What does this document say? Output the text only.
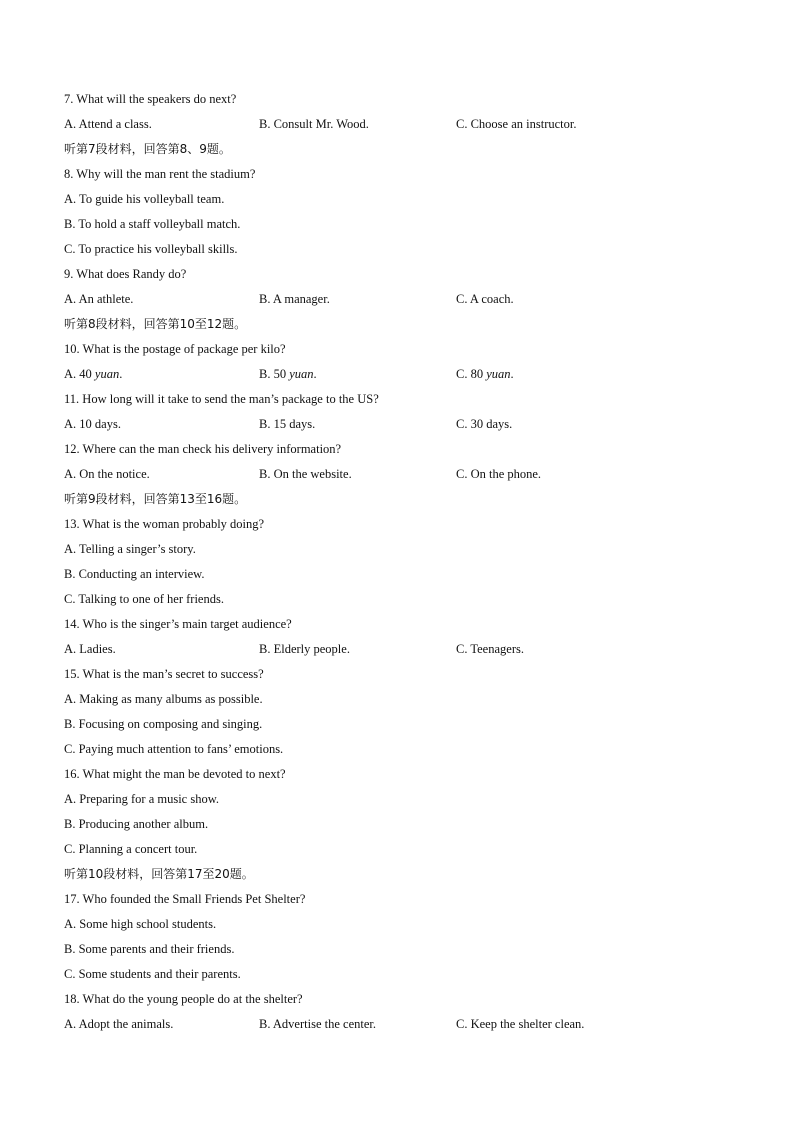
7. What will the speakers do next?
A. Attend a class.	B. Consult Mr. Wood.	C. Choose an instructor.
听第7段材料，回答第8、9题。
8. Why will the man rent the stadium?
A. To guide his volleyball team.
B. To hold a staff volleyball match.
C. To practice his volleyball skills.
9. What does Randy do?
A. An athlete.	B. A manager.	C. A coach.
听第8段材料，回答第10至12题。
10. What is the postage of package per kilo?
A. 40 yuan.	B. 50 yuan.	C. 80 yuan.
11. How long will it take to send the man’s package to the US?
A. 10 days.	B. 15 days.	C. 30 days.
12. Where can the man check his delivery information?
A. On the notice.	B. On the website.	C. On the phone.
听第9段材料，回答第13至16题。
13. What is the woman probably doing?
A. Telling a singer’s story.
B. Conducting an interview.
C. Talking to one of her friends.
14. Who is the singer’s main target audience?
A. Ladies.	B. Elderly people.	C. Teenagers.
15. What is the man’s secret to success?
A. Making as many albums as possible.
B. Focusing on composing and singing.
C. Paying much attention to fans’ emotions.
16. What might the man be devoted to next?
A. Preparing for a music show.
B. Producing another album.
C. Planning a concert tour.
听第10段材料，回答第17至20题。
17. Who founded the Small Friends Pet Shelter?
A. Some high school students.
B. Some parents and their friends.
C. Some students and their parents.
18. What do the young people do at the shelter?
A. Adopt the animals.	B. Advertise the center.	C. Keep the shelter clean.
